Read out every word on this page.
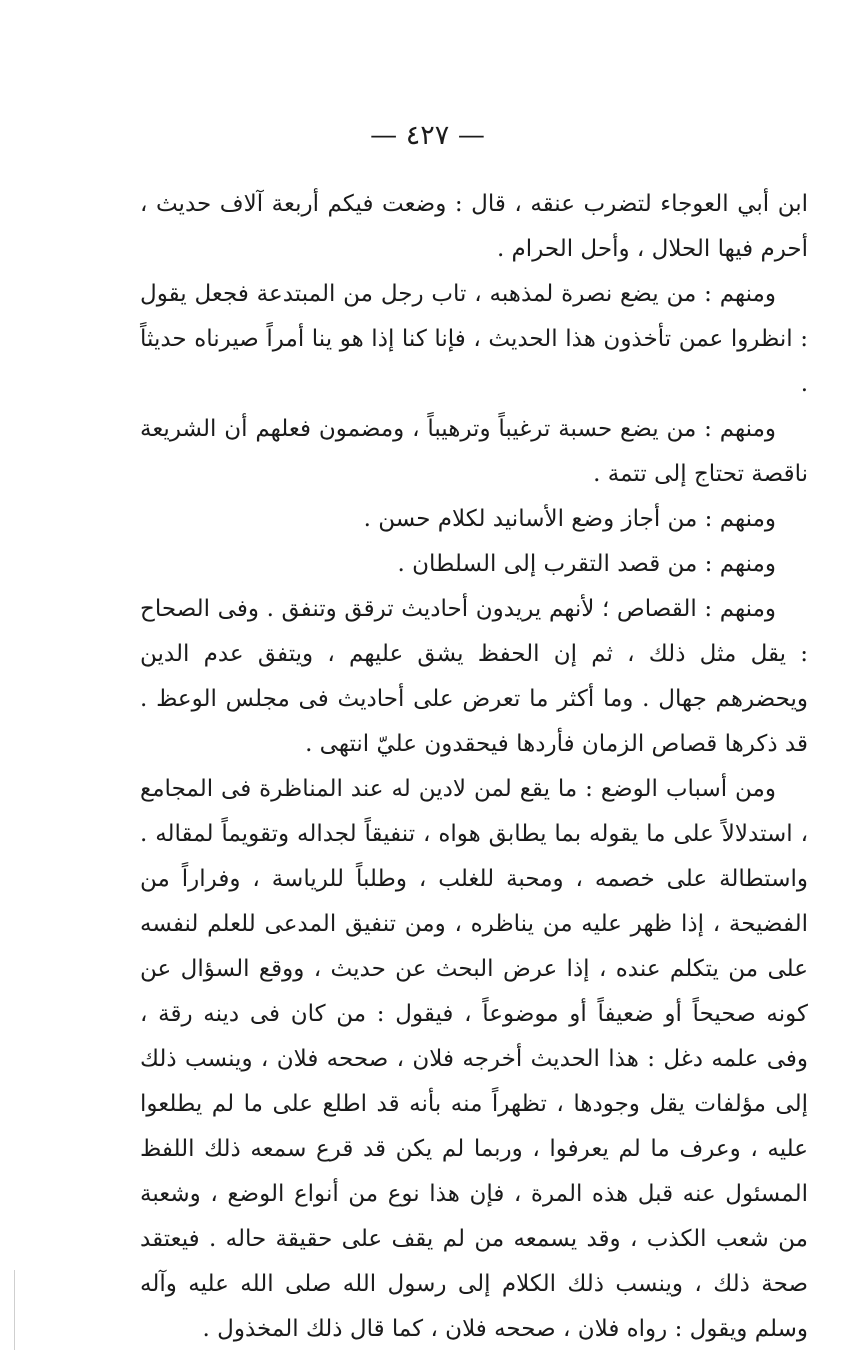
— ٤٢٧ —

ابن أبي العوجاء لتضرب عنقه ، قال : وضعت فيكم أربعة آلاف حديث ، أحرم فيها الحلال ، وأحل الحرام .

ومنهم : من يضع نصرة لمذهبه ، تاب رجل من المبتدعة فجعل يقول : انظروا عمن تأخذون هذا الحديث ، فإنا كنا إذا هو ينا أمراً صيرناه حديثاً .

ومنهم : من يضع حسبة ترغيباً وترهيباً ، ومضمون فعلهم أن الشريعة ناقصة تحتاج إلى تتمة .

ومنهم : من أجاز وضع الأسانيد لكلام حسن .

ومنهم : من قصد التقرب إلى السلطان .

ومنهم : القصاص ؛ لأنهم يريدون أحاديث ترقق وتنفق . وفى الصحاح : يقل مثل ذلك ، ثم إن الحفظ يشق عليهم ، ويتفق عدم الدين ويحضرهم جهال . وما أكثر ما تعرض على أحاديث فى مجلس الوعظ . قد ذكرها قصاص الزمان فأردها فيحقدون عليّ انتهى .

ومن أسباب الوضع : ما يقع لمن لادين له عند المناظرة فى المجامع ، استدلالاً على ما يقوله بما يطابق هواه ، تنفيقاً لجداله وتقويماً لمقاله . واستطالة على خصمه ، ومحبة للغلب ، وطلباً للرياسة ، وفراراً من الفضيحة ، إذا ظهر عليه من يناظره ، ومن تنفيق المدعى للعلم لنفسه على من يتكلم عنده ، إذا عرض البحث عن حديث ، ووقع السؤال عن كونه صحيحاً أو ضعيفاً أو موضوعاً ، فيقول : من كان فى دينه رقة ، وفى علمه دغل : هذا الحديث أخرجه فلان ، صححه فلان ، وينسب ذلك إلى مؤلفات يقل وجودها ، تظهراً منه بأنه قد اطلع على ما لم يطلعوا عليه ، وعرف ما لم يعرفوا ، وربما لم يكن قد قرع سمعه ذلك اللفظ المسئول عنه قبل هذه المرة ، فإن هذا نوع من أنواع الوضع ، وشعبة من شعب الكذب ، وقد يسمعه من لم يقف على حقيقة حاله . فيعتقد صحة ذلك ، وينسب ذلك الكلام إلى رسول الله صلى الله عليه وآله وسلم ويقول : رواه فلان ، صححه فلان ، كما قال ذلك المخذول .
